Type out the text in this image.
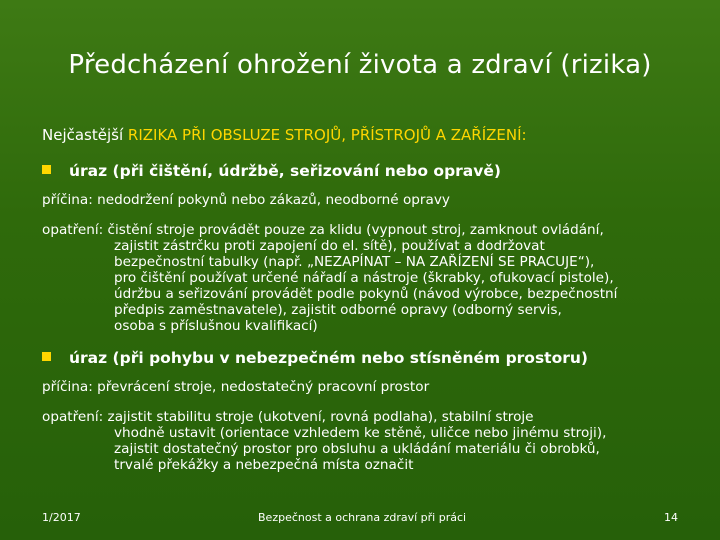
Předcházení ohrožení života a zdraví (rizika)
Nejčastější RIZIKA PŘI OBSLUZE STROJŮ, PŘÍSTROJŮ A ZAŘÍZENÍ:
úraz (při čištění, údržbě, seřizování nebo opravě)
příčina: nedodržení pokynů nebo zákazů, neodborné opravy
opatření: čistění stroje provádět pouze za klidu (vypnout stroj, zamknout ovládání,
zajistit zástrčku proti zapojení do el. sítě), používat a dodržovat
bezpečnostní tabulky (např. „NEZAPÍNAT – NA ZAŘÍZENÍ SE PRACUJE“),
pro čištění používat určené nářadí a nástroje (škrabky, ofukovací pistole),
údržbu a seřizování provádět podle pokynů (návod výrobce, bezpečnostní
předpis zaměstnavatele), zajistit odborné opravy (odborný servis,
osoba s příslušnou kvalifikací)
úraz (při pohybu v nebezpečném nebo stísněném prostoru)
příčina: převrácení stroje, nedostatečný pracovní prostor
opatření: zajistit stabilitu stroje (ukotvení, rovná podlaha), stabilní stroje
vhodně ustavit (orientace vzhledem ke stěně, uličce nebo jinému stroji),
zajistit dostatečný prostor pro obsluhu a ukládání materiálu či obrobků,
trvalé překážky a nebezpečná místa označit
1/2017	Bezpečnost a ochrana zdraví při práci	14
